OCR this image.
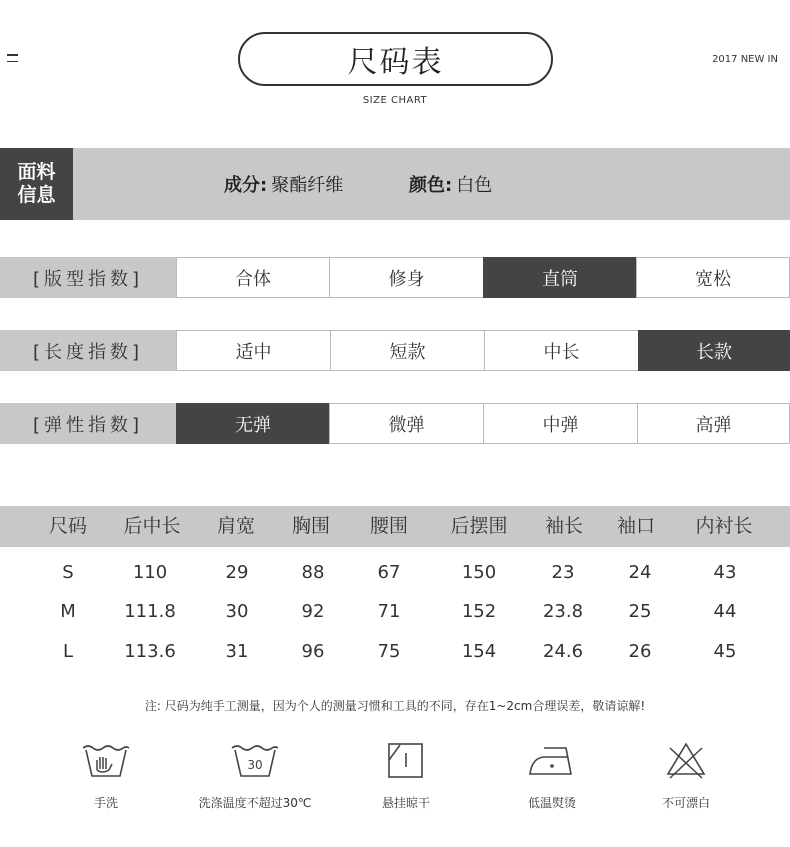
尺码表
SIZE CHART
2017 NEW IN
面料
信息	成分: 聚酯纤维	颜色: 白色
[版型指数]	合体	修身	直筒	宽松
[长度指数]	适中	短款	中长	长款
[弹性指数]	无弹	微弹	中弹	高弹
尺码 后中长 肩宽 胸围 腰围 后摆围 袖长 袖口 内衬长
S	110	29	88	67	150	23	24	43
M	111.8	30	92	71	152	23.8	25	44
L	113.6	31	96	75	154	24.6	26	45
注: 尺码为纯手工测量，因为个人的测量习惯和工具的不同，存在1~2cm合理误差，敬请谅解!
手洗
30
洗涤温度不超过30℃	悬挂晾干	低温熨烫	不可漂白
